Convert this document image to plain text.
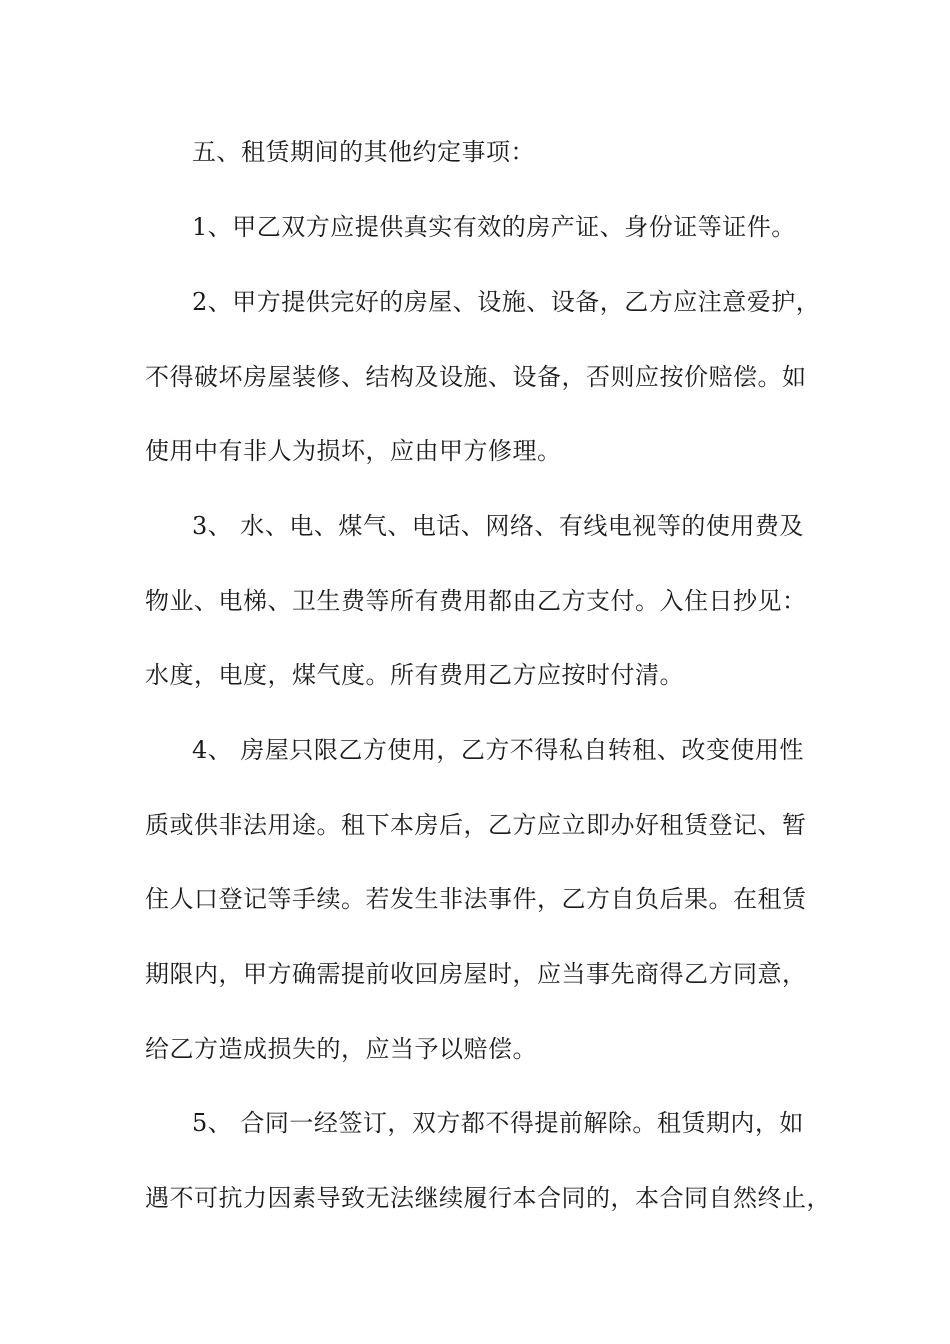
五、租赁期间的其他约定事项：
1、甲乙双方应提供真实有效的房产证、身份证等证件。
2、甲方提供完好的房屋、设施、设备，乙方应注意爱护，
不得破坏房屋装修、结构及设施、设备，否则应按价赔偿。如
使用中有非人为损坏，应由甲方修理。
3、 水、电、煤气、电话、网络、有线电视等的使用费及
物业、电梯、卫生费等所有费用都由乙方支付。入住日抄见：
水度，电度，煤气度。所有费用乙方应按时付清。
4、 房屋只限乙方使用，乙方不得私自转租、改变使用性
质或供非法用途。租下本房后，乙方应立即办好租赁登记、暂
住人口登记等手续。若发生非法事件，乙方自负后果。在租赁
期限内，甲方确需提前收回房屋时，应当事先商得乙方同意，
给乙方造成损失的，应当予以赔偿。
5、 合同一经签订，双方都不得提前解除。租赁期内，如
遇不可抗力因素导致无法继续履行本合同的，本合同自然终止，
